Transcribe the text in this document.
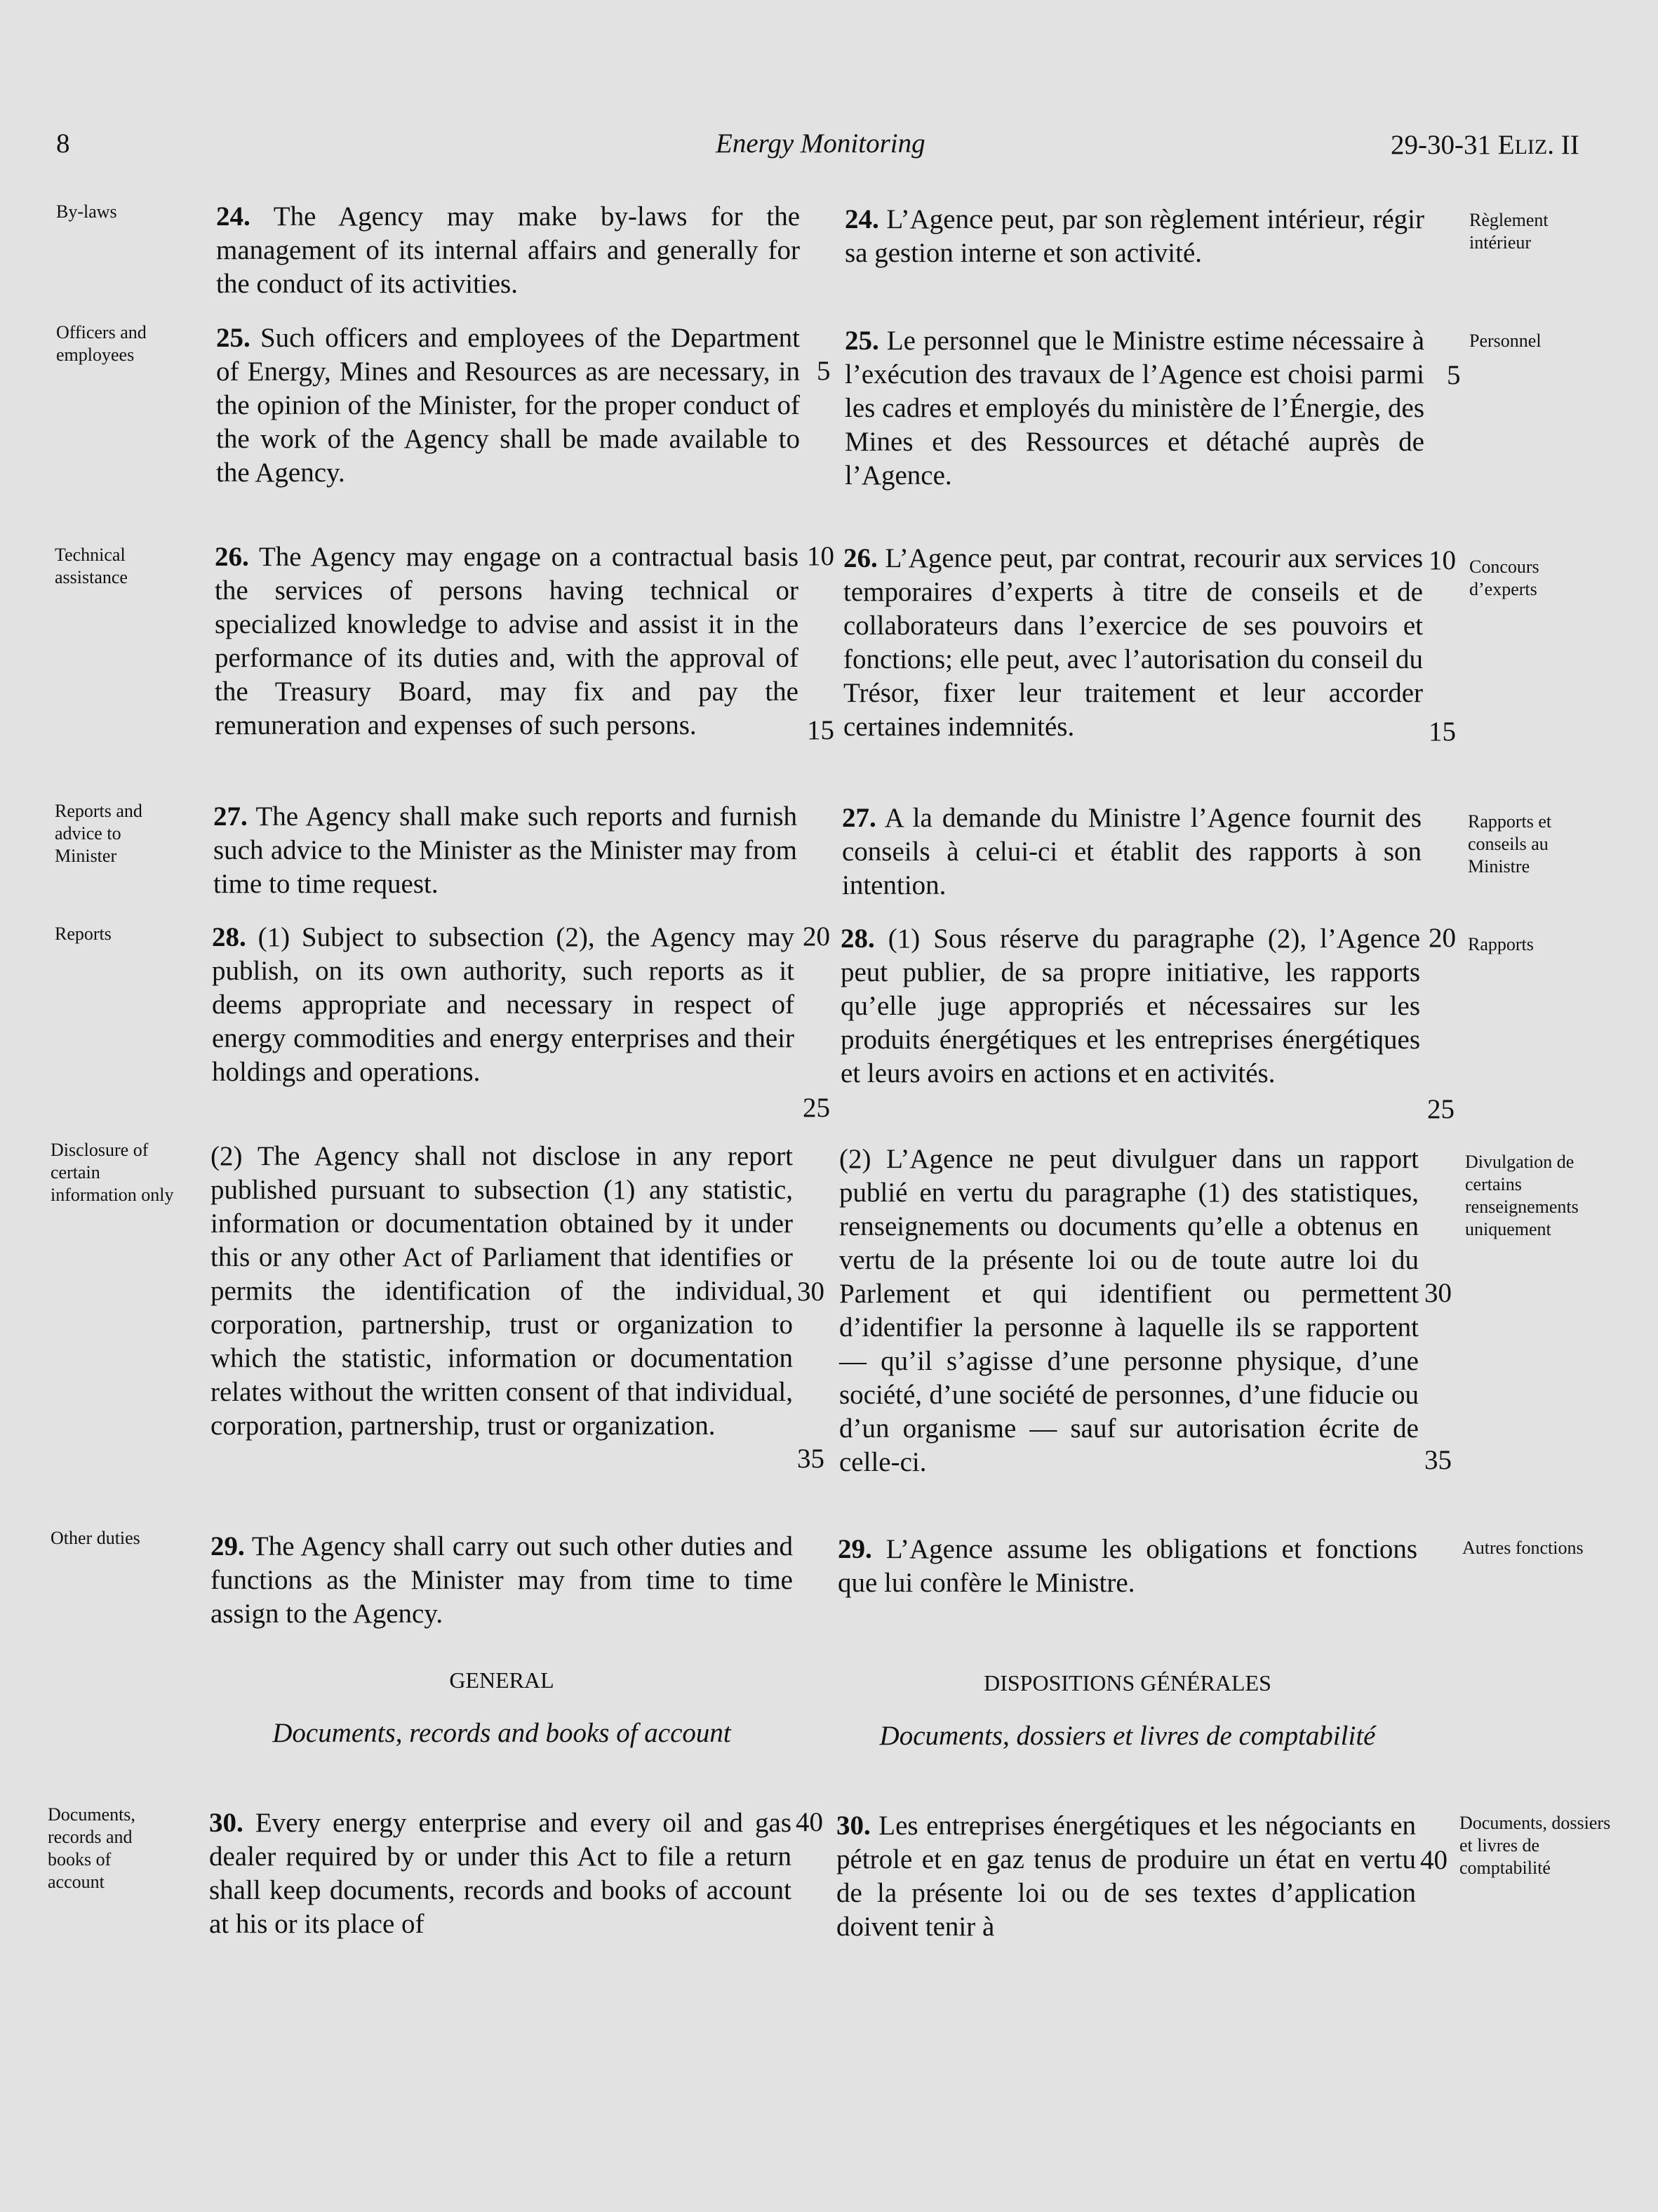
8	Energy Monitoring	29-30-31 ELIZ. II
By-laws
Officers and employees
Technical assistance
Reports and advice to Minister
Reports
Disclosure of certain information only
Other duties
Documents, records and books of account

24. The Agency may make by-laws for the management of its internal affairs and generally for the conduct of its activities.

25. Such officers and employees of the Department of Energy, Mines and Resources as are necessary, in the opinion of the Minister, for the proper conduct of the work of the Agency shall be made available to the Agency.

26. The Agency may engage on a contractual basis the services of persons having technical or specialized knowledge to advise and assist it in the performance of its duties and, with the approval of the Treasury Board, may fix and pay the remuneration and expenses of such persons.

27. The Agency shall make such reports and furnish such advice to the Minister as the Minister may from time to time request.

28. (1) Subject to subsection (2), the Agency may publish, on its own authority, such reports as it deems appropriate and necessary in respect of energy commodities and energy enterprises and their holdings and operations.

(2) The Agency shall not disclose in any report published pursuant to subsection (1) any statistic, information or documentation obtained by it under this or any other Act of Parliament that identifies or permits the identification of the individual, corporation, partnership, trust or organization to which the statistic, information or documentation relates without the written consent of that individual, corporation, partnership, trust or organization.

29. The Agency shall carry out such other duties and functions as the Minister may from time to time assign to the Agency.

GENERAL
Documents, records and books of account

30. Every energy enterprise and every oil and gas dealer required by or under this Act to file a return shall keep documents, records and books of account at his or its place of

5
10
15
20
25
30
35
40

24. L’Agence peut, par son règlement intérieur, régir sa gestion interne et son activité.

25. Le personnel que le Ministre estime nécessaire à l’exécution des travaux de l’Agence est choisi parmi les cadres et employés du ministère de l’Énergie, des Mines et des Ressources et détaché auprès de l’Agence.

26. L’Agence peut, par contrat, recourir aux services temporaires d’experts à titre de conseils et de collaborateurs dans l’exercice de ses pouvoirs et fonctions; elle peut, avec l’autorisation du conseil du Trésor, fixer leur traitement et leur accorder certaines indemnités.

27. A la demande du Ministre l’Agence fournit des conseils à celui-ci et établit des rapports à son intention.

28. (1) Sous réserve du paragraphe (2), l’Agence peut publier, de sa propre initiative, les rapports qu’elle juge appropriés et nécessaires sur les produits énergétiques et les entreprises énergétiques et leurs avoirs en actions et en activités.

(2) L’Agence ne peut divulguer dans un rapport publié en vertu du paragraphe (1) des statistiques, renseignements ou documents qu’elle a obtenus en vertu de la présente loi ou de toute autre loi du Parlement et qui identifient ou permettent d’identifier la personne à laquelle ils se rapportent — qu’il s’agisse d’une personne physique, d’une société, d’une société de personnes, d’une fiducie ou d’un organisme — sauf sur autorisation écrite de celle-ci.

29. L’Agence assume les obligations et fonctions que lui confère le Ministre.

DISPOSITIONS GÉNÉRALES
Documents, dossiers et livres de comptabilité

30. Les entreprises énergétiques et les négociants en pétrole et en gaz tenus de produire un état en vertu de la présente loi ou de ses textes d’application doivent tenir à

5
10
15
20
25
30
35
40
Règlement intérieur
Personnel
Concours d’experts
Rapports et conseils au Ministre
Rapports
Divulgation de certains renseignements uniquement
Autres fonctions
Documents, dossiers et livres de comptabilité
